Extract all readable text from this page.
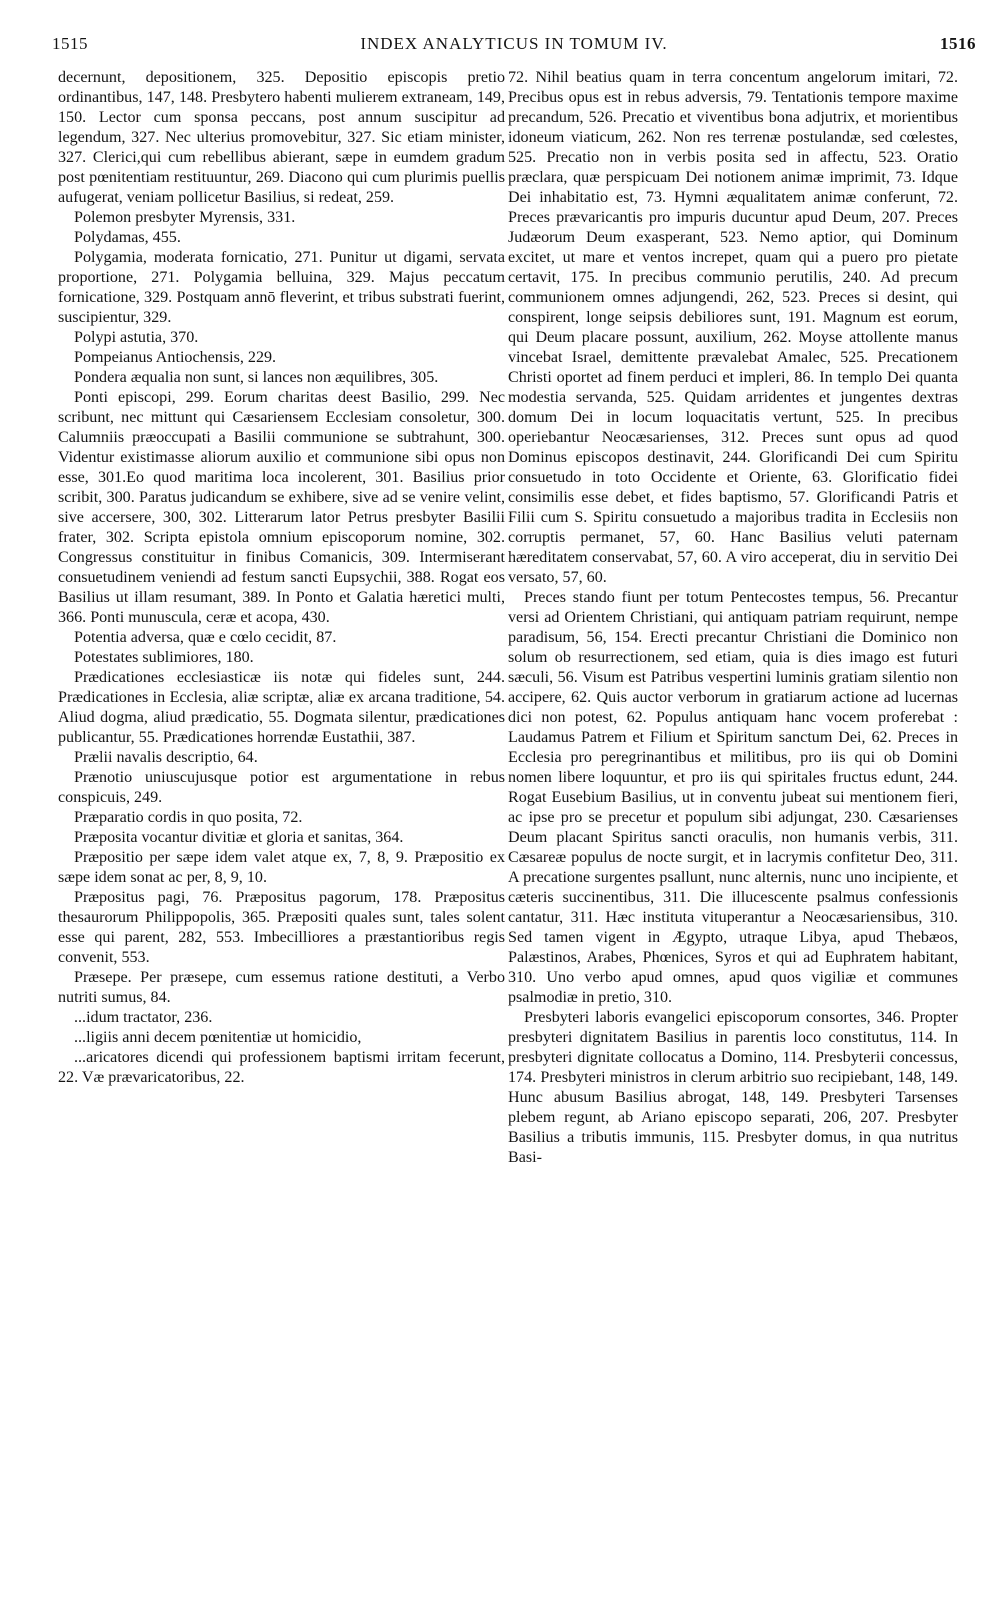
1515	INDEX ANALYTICUS IN TOMUM IV.	1516

decernunt, depositionem, 325. Depositio episcopis pretio ordinantibus, 147, 148. Presbytero habenti mulierem extraneam, 149, 150. Lector cum sponsa peccans, post annum suscipitur ad legendum, 327. Nec ulterius promovebitur, 327. Sic etiam minister, 327. Clerici,qui cum rebellibus abierant, sæpe in eumdem gradum post pœnitentiam restituuntur, 269. Diacono qui cum plurimis puellis aufugerat, veniam pollicetur Basilius, si redeat, 259.

Polemon presbyter Myrensis, 331.

Polydamas, 455.

Polygamia, moderata fornicatio, 271. Punitur ut digami, servata proportione, 271. Polygamia belluina, 329. Majus peccatum fornicatione, 329. Postquam annō fleverint, et tribus substrati fuerint, suscipientur, 329.

Polypi astutia, 370.

Pompeianus Antiochensis, 229.

Pondera æqualia non sunt, si lances non æquilibres, 305.

Ponti episcopi, 299. Eorum charitas deest Basilio, 299. Nec scribunt, nec mittunt qui Cæsariensem Ecclesiam consoletur, 300. Calumniis præoccupati a Basilii communione se subtrahunt, 300. Videntur existimasse aliorum auxilio et communione sibi opus non esse, 301.Eo quod maritima loca incolerent, 301. Basilius prior scribit, 300. Paratus judicandum se exhibere, sive ad se venire velint, sive accersere, 300, 302. Litterarum lator Petrus presbyter Basilii frater, 302. Scripta epistola omnium episcoporum nomine, 302. Congressus constituitur in finibus Comanicis, 309. Intermiserant consuetudinem veniendi ad festum sancti Eupsychii, 388. Rogat eos Basilius ut illam resumant, 389. In Ponto et Galatia hæretici multi, 366. Ponti munuscula, ceræ et acopa, 430.

Potentia adversa, quæ e cœlo cecidit, 87.

Potestates sublimiores, 180.

Prædicationes ecclesiasticæ iis notæ qui fideles sunt, 244. Prædicationes in Ecclesia, aliæ scriptæ, aliæ ex arcana traditione, 54. Aliud dogma, aliud prædicatio, 55. Dogmata silentur, prædicationes publicantur, 55. Prædicationes horrendæ Eustathii, 387.

Prælii navalis descriptio, 64.

Prænotio uniuscujusque potior est argumentatione in rebus conspicuis, 249.

Præparatio cordis in quo posita, 72.

Præposita vocantur divitiæ et gloria et sanitas, 364.

Præpositio per sæpe idem valet atque ex, 7, 8, 9. Præpositio ex sæpe idem sonat ac per, 8, 9, 10.

Præpositus pagi, 76. Præpositus pagorum, 178. Præpositus thesaurorum Philippopolis, 365. Præpositi quales sunt, tales solent esse qui parent, 282, 553. Imbecilliores a præstantioribus regis convenit, 553.

Præsepe. Per præsepe, cum essemus ratione destituti, a Verbo nutriti sumus, 84.

...idum tractator, 236.

...ligiis anni decem pœnitentiæ ut homicidio,

...aricatores dicendi qui professionem baptismi irritam fecerunt, 22. Væ prævaricatoribus, 22.

72. Nihil beatius quam in terra concentum angelorum imitari, 72. Precibus opus est in rebus adversis, 79. Tentationis tempore maxime precandum, 526. Precatio et viventibus bona adjutrix, et morientibus idoneum viaticum, 262. Non res terrenæ postulandæ, sed cœlestes, 525. Precatio non in verbis posita sed in affectu, 523. Oratio præclara, quæ perspicuam Dei notionem animæ imprimit, 73. Idque Dei inhabitatio est, 73. Hymni æqualitatem animæ conferunt, 72. Preces prævaricantis pro impuris ducuntur apud Deum, 207. Preces Judæorum Deum exasperant, 523. Nemo aptior, qui Dominum excitet, ut mare et ventos increpet, quam qui a puero pro pietate certavit, 175. In precibus communio perutilis, 240. Ad precum communionem omnes adjungendi, 262, 523. Preces si desint, qui conspirent, longe seipsis debiliores sunt, 191. Magnum est eorum, qui Deum placare possunt, auxilium, 262. Moyse attollente manus vincebat Israel, demittente prævalebat Amalec, 525. Precationem Christi oportet ad finem perduci et impleri, 86. In templo Dei quanta modestia servanda, 525. Quidam arridentes et jungentes dextras domum Dei in locum loquacitatis vertunt, 525. In precibus operiebantur Neocæsarienses, 312. Preces sunt opus ad quod Dominus episcopos destinavit, 244. Glorificandi Dei cum Spiritu consuetudo in toto Occidente et Oriente, 63. Glorificatio fidei consimilis esse debet, et fides baptismo, 57. Glorificandi Patris et Filii cum S. Spiritu consuetudo a majoribus tradita in Ecclesiis non corruptis permanet, 57, 60. Hanc Basilius veluti paternam hæreditatem conservabat, 57, 60. A viro acceperat, diu in servitio Dei versato, 57, 60.

Preces stando fiunt per totum Pentecostes tempus, 56. Precantur versi ad Orientem Christiani, qui antiquam patriam requirunt, nempe paradisum, 56, 154. Erecti precantur Christiani die Dominico non solum ob resurrectionem, sed etiam, quia is dies imago est futuri sæculi, 56. Visum est Patribus vespertini luminis gratiam silentio non accipere, 62. Quis auctor verborum in gratiarum actione ad lucernas dici non potest, 62. Populus antiquam hanc vocem proferebat : Laudamus Patrem et Filium et Spiritum sanctum Dei, 62. Preces in Ecclesia pro peregrinantibus et militibus, pro iis qui ob Domini nomen libere loquuntur, et pro iis qui spiritales fructus edunt, 244. Rogat Eusebium Basilius, ut in conventu jubeat sui mentionem fieri, ac ipse pro se precetur et populum sibi adjungat, 230. Cæsarienses Deum placant Spiritus sancti oraculis, non humanis verbis, 311. Cæsareæ populus de nocte surgit, et in lacrymis confitetur Deo, 311. A precatione surgentes psallunt, nunc alternis, nunc uno incipiente, et cæteris succinentibus, 311. Die illucescente psalmus confessionis cantatur, 311. Hæc instituta vituperantur a Neocæsariensibus, 310. Sed tamen vigent in Ægypto, utraque Libya, apud Thebæos, Palæstinos, Arabes, Phœnices, Syros et qui ad Euphratem habitant, 310. Uno verbo apud omnes, apud quos vigiliæ et communes psalmodiæ in pretio, 310.

Presbyteri laboris evangelici episcoporum consortes, 346. Propter presbyteri dignitatem Basilius in parentis loco constitutus, 114. In presbyteri dignitate collocatus a Domino, 114. Presbyterii concessus, 174. Presbyteri ministros in clerum arbitrio suo recipiebant, 148, 149. Hunc abusum Basilius abrogat, 148, 149. Presbyteri Tarsenses plebem regunt, ab Ariano episcopo separati, 206, 207. Presbyter Basilius a tributis immunis, 115. Presbyter domus, in qua nutritus Basi-
